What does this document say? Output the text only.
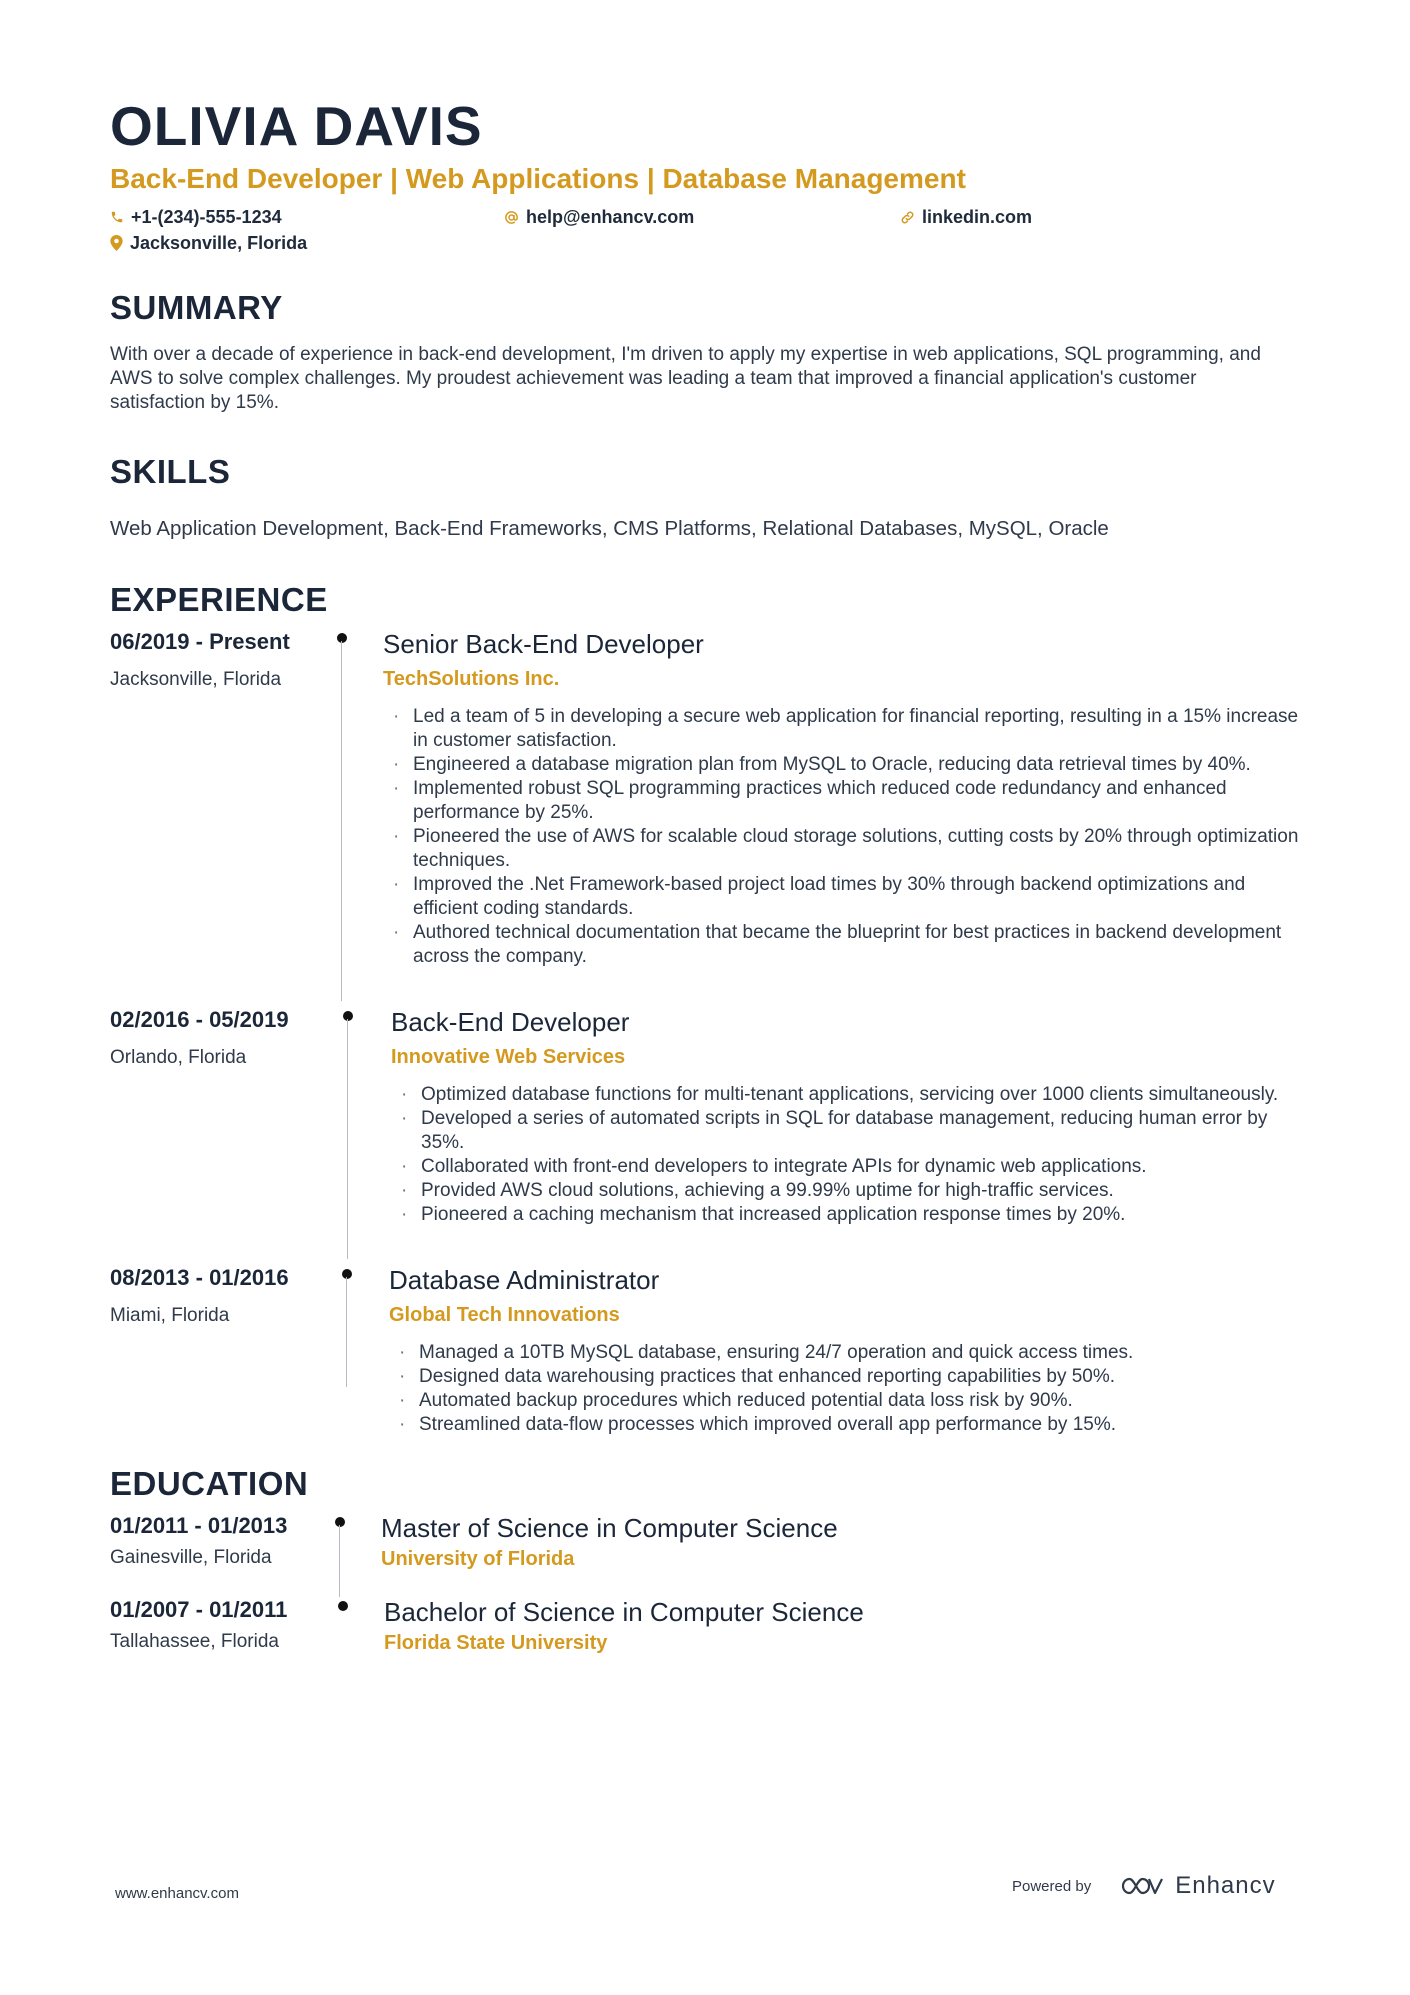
OLIVIA DAVIS
Back-End Developer | Web Applications | Database Management
+1-(234)-555-1234	help@enhancv.com	linkedin.com
Jacksonville, Florida
SUMMARY
With over a decade of experience in back-end development, I'm driven to apply my expertise in web applications, SQL programming, and AWS to solve complex challenges. My proudest achievement was leading a team that improved a financial application's customer satisfaction by 15%.
SKILLS
Web Application Development, Back-End Frameworks, CMS Platforms, Relational Databases, MySQL, Oracle
EXPERIENCE
06/2019 - Present
Jacksonville, Florida
Senior Back-End Developer
TechSolutions Inc.
· Led a team of 5 in developing a secure web application for financial reporting, resulting in a 15% increase in customer satisfaction.
· Engineered a database migration plan from MySQL to Oracle, reducing data retrieval times by 40%.
· Implemented robust SQL programming practices which reduced code redundancy and enhanced performance by 25%.
· Pioneered the use of AWS for scalable cloud storage solutions, cutting costs by 20% through optimization techniques.
· Improved the .Net Framework-based project load times by 30% through backend optimizations and efficient coding standards.
· Authored technical documentation that became the blueprint for best practices in backend development across the company.
02/2016 - 05/2019
Orlando, Florida
Back-End Developer
Innovative Web Services
· Optimized database functions for multi-tenant applications, servicing over 1000 clients simultaneously.
· Developed a series of automated scripts in SQL for database management, reducing human error by 35%.
· Collaborated with front-end developers to integrate APIs for dynamic web applications.
· Provided AWS cloud solutions, achieving a 99.99% uptime for high-traffic services.
· Pioneered a caching mechanism that increased application response times by 20%.
08/2013 - 01/2016
Miami, Florida
Database Administrator
Global Tech Innovations
· Managed a 10TB MySQL database, ensuring 24/7 operation and quick access times.
· Designed data warehousing practices that enhanced reporting capabilities by 50%.
· Automated backup procedures which reduced potential data loss risk by 90%.
· Streamlined data-flow processes which improved overall app performance by 15%.
EDUCATION
01/2011 - 01/2013
Gainesville, Florida
Master of Science in Computer Science
University of Florida
01/2007 - 01/2011
Tallahassee, Florida
Bachelor of Science in Computer Science
Florida State University
www.enhancv.com	Powered by	Enhancv
